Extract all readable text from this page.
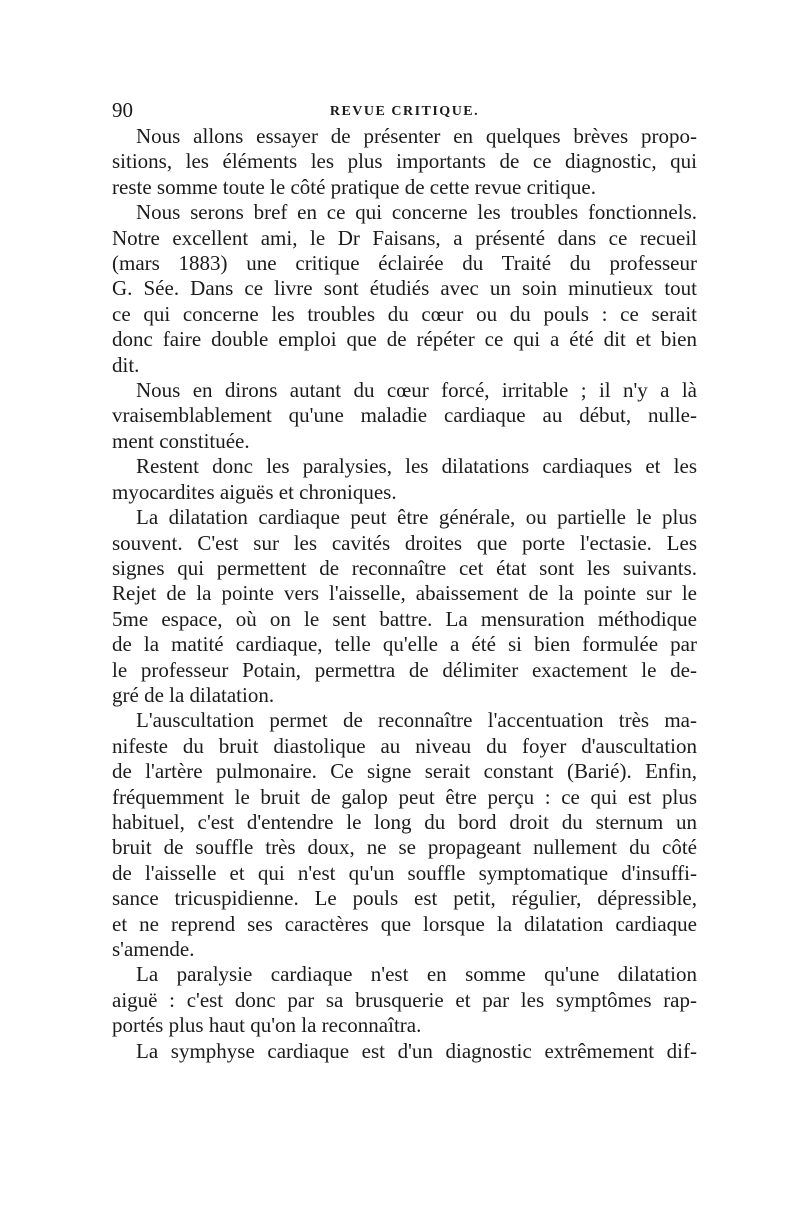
90	REVUE CRITIQUE.
Nous allons essayer de présenter en quelques brèves propo-
sitions, les éléments les plus importants de ce diagnostic, qui
reste somme toute le côté pratique de cette revue critique.
Nous serons bref en ce qui concerne les troubles fonctionnels.
Notre excellent ami, le Dr Faisans, a présenté dans ce recueil
(mars 1883) une critique éclairée du Traité du professeur
G. Sée. Dans ce livre sont étudiés avec un soin minutieux tout
ce qui concerne les troubles du cœur ou du pouls : ce serait
donc faire double emploi que de répéter ce qui a été dit et bien
dit.
Nous en dirons autant du cœur forcé, irritable ; il n'y a là
vraisemblablement qu'une maladie cardiaque au début, nulle-
ment constituée.
Restent donc les paralysies, les dilatations cardiaques et les
myocardites aiguës et chroniques.
La dilatation cardiaque peut être générale, ou partielle le plus
souvent. C'est sur les cavités droites que porte l'ectasie. Les
signes qui permettent de reconnaître cet état sont les suivants.
Rejet de la pointe vers l'aisselle, abaissement de la pointe sur le
5me espace, où on le sent battre. La mensuration méthodique
de la matité cardiaque, telle qu'elle a été si bien formulée par
le professeur Potain, permettra de délimiter exactement le de-
gré de la dilatation.
L'auscultation permet de reconnaître l'accentuation très ma-
nifeste du bruit diastolique au niveau du foyer d'auscultation
de l'artère pulmonaire. Ce signe serait constant (Barié). Enfin,
fréquemment le bruit de galop peut être perçu : ce qui est plus
habituel, c'est d'entendre le long du bord droit du sternum un
bruit de souffle très doux, ne se propageant nullement du côté
de l'aisselle et qui n'est qu'un souffle symptomatique d'insuffi-
sance tricuspidienne. Le pouls est petit, régulier, dépressible,
et ne reprend ses caractères que lorsque la dilatation cardiaque
s'amende.
La paralysie cardiaque n'est en somme qu'une dilatation
aiguë : c'est donc par sa brusquerie et par les symptômes rap-
portés plus haut qu'on la reconnaîtra.
La symphyse cardiaque est d'un diagnostic extrêmement dif-
